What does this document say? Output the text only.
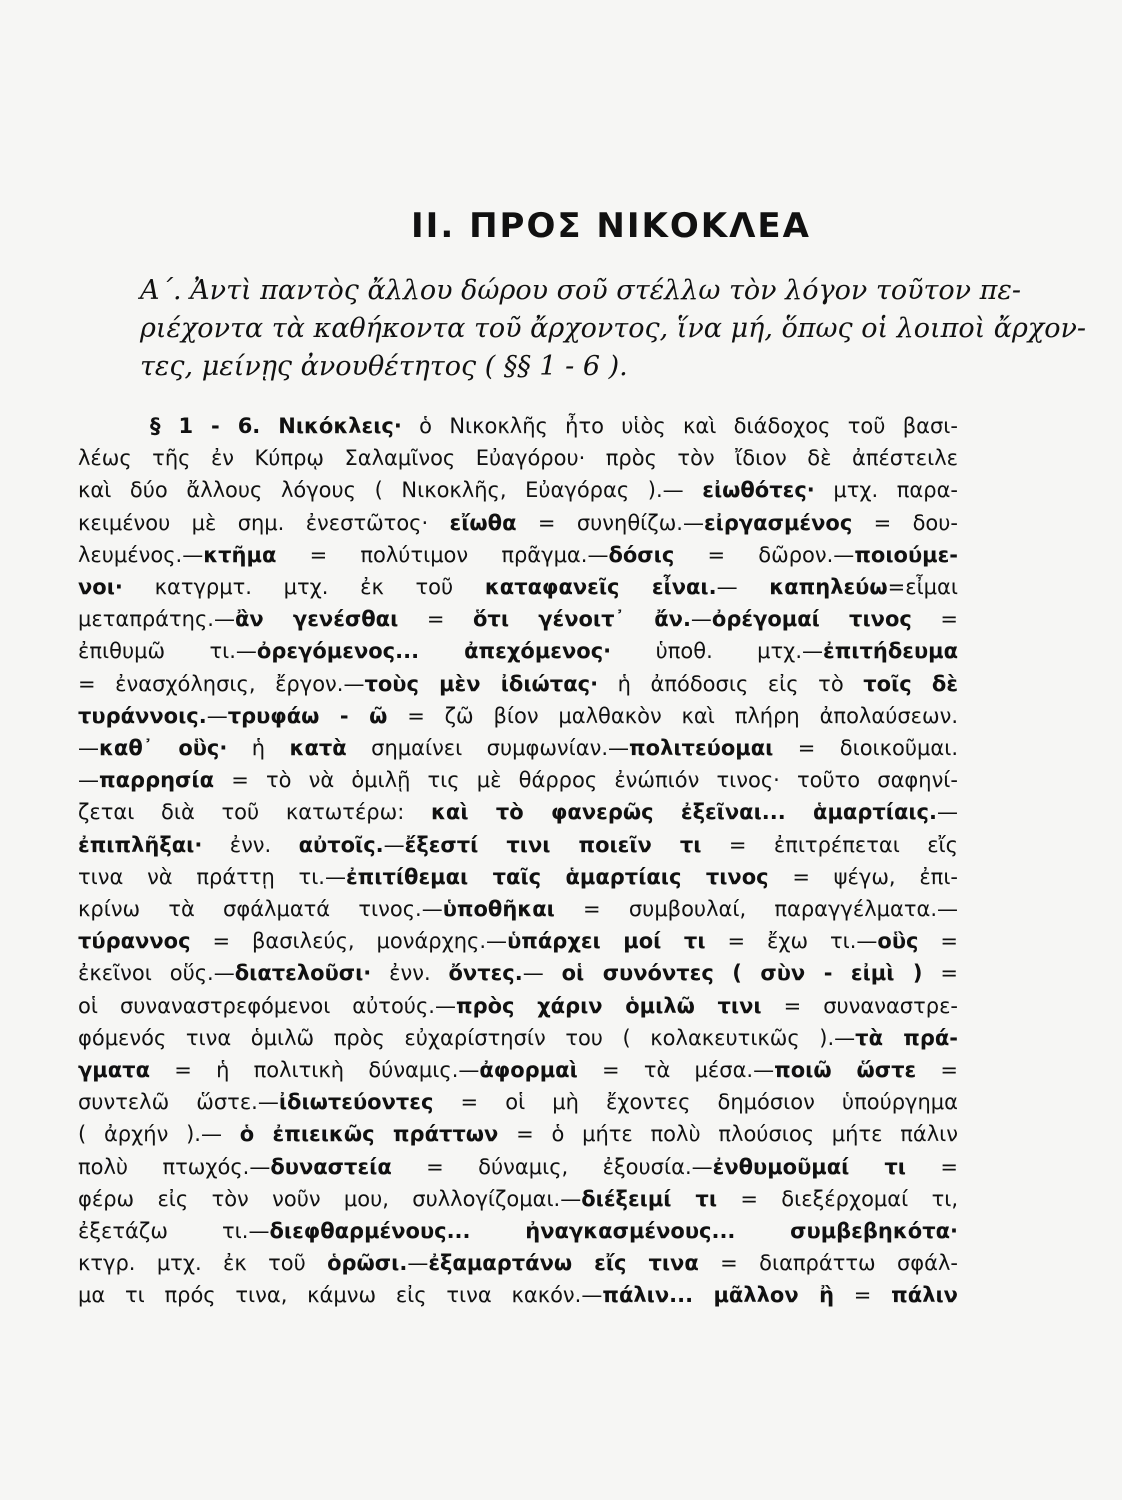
II. ΠΡΟΣ ΝΙΚΟΚΛΕΑ
Α΄. Ἀντὶ παντὸς ἄλλου δώρου σοῦ στέλλω τὸν λόγον τοῦτον πε-
ριέχοντα τὰ καθήκοντα τοῦ ἄρχοντος, ἵνα μή, ὅπως οἱ λοιποὶ ἄρχον-
τες, μείνῃς ἀνουθέτητος ( §§ 1 - 6 ).
§ 1 - 6. Νικόκλεις· ὁ Νικοκλῆς ἦτο υἱὸς καὶ διάδοχος τοῦ βασι-
λέως τῆς ἐν Κύπρῳ Σαλαμῖνος Εὐαγόρου· πρὸς τὸν ἴδιον δὲ ἀπέστειλε
καὶ δύο ἄλλους λόγους ( Νικοκλῆς, Εὐαγόρας ).— εἰωθότες· μτχ. παρα-
κειμένου μὲ σημ. ἐνεστῶτος· εἴωθα = συνηθίζω.—εἰργασμένος = δου-
λευμένος.—κτῆμα = πολύτιμον πρᾶγμα.—δόσις = δῶρον.—ποιούμε-
νοι· κατγρμτ. μτχ. ἐκ τοῦ καταφανεῖς εἶναι.— καπηλεύω=εἶμαι
μεταπράτης.—ἂν γενέσθαι = ὅτι γένοιτ᾽ ἄν.—ὀρέγομαί τινος =
ἐπιθυμῶ τι.—ὀρεγόμενος... ἀπεχόμενος· ὑποθ. μτχ.—ἐπιτήδευμα
= ἐνασχόλησις, ἔργον.—τοὺς μὲν ἰδιώτας· ἡ ἀπόδοσις εἰς τὸ τοῖς δὲ
τυράννοις.—τρυφάω - ῶ = ζῶ βίον μαλθακὸν καὶ πλήρη ἀπολαύσεων.
—καθ᾽ οὓς· ἡ κατὰ σημαίνει συμφωνίαν.—πολιτεύομαι = διοικοῦμαι.
—παρρησία = τὸ νὰ ὁμιλῇ τις μὲ θάρρος ἐνώπιόν τινος· τοῦτο σαφηνί-
ζεται διὰ τοῦ κατωτέρω: καὶ τὸ φανερῶς ἐξεῖναι... ἁμαρτίαις.—
ἐπιπλῆξαι· ἐνν. αὐτοῖς.—ἔξεστί τινι ποιεῖν τι = ἐπιτρέπεται εἴς
τινα νὰ πράττῃ τι.—ἐπιτίθεμαι ταῖς ἁμαρτίαις τινος = ψέγω, ἐπι-
κρίνω τὰ σφάλματά τινος.—ὑποθῆκαι = συμβουλαί, παραγγέλματα.—
τύραννος = βασιλεύς, μονάρχης.—ὑπάρχει μοί τι = ἔχω τι.—οὓς =
ἐκεῖνοι οὕς.—διατελοῦσι· ἐνν. ὄντες.— οἱ συνόντες ( σὺν - εἰμὶ ) =
οἱ συναναστρεφόμενοι αὐτούς.—πρὸς χάριν ὁμιλῶ τινι = συναναστρε-
φόμενός τινα ὁμιλῶ πρὸς εὐχαρίστησίν του ( κολακευτικῶς ).—τὰ πρά-
γματα = ἡ πολιτικὴ δύναμις.—ἀφορμαὶ = τὰ μέσα.—ποιῶ ὥστε =
συντελῶ ὥστε.—ἰδιωτεύοντες = οἱ μὴ ἔχοντες δημόσιον ὑπούργημα
( ἀρχήν ).— ὁ ἐπιεικῶς πράττων = ὁ μήτε πολὺ πλούσιος μήτε πάλιν
πολὺ πτωχός.—δυναστεία = δύναμις, ἐξουσία.—ἐνθυμοῦμαί τι =
φέρω εἰς τὸν νοῦν μου, συλλογίζομαι.—διέξειμί τι = διεξέρχομαί τι,
ἐξετάζω τι.—διεφθαρμένους... ἠναγκασμένους... συμβεβηκότα·
κτγρ. μτχ. ἐκ τοῦ ὁρῶσι.—ἐξαμαρτάνω εἴς τινα = διαπράττω σφάλ-
μα τι πρός τινα, κάμνω εἰς τινα κακόν.—πάλιν... μᾶλλον ἢ = πάλιν
